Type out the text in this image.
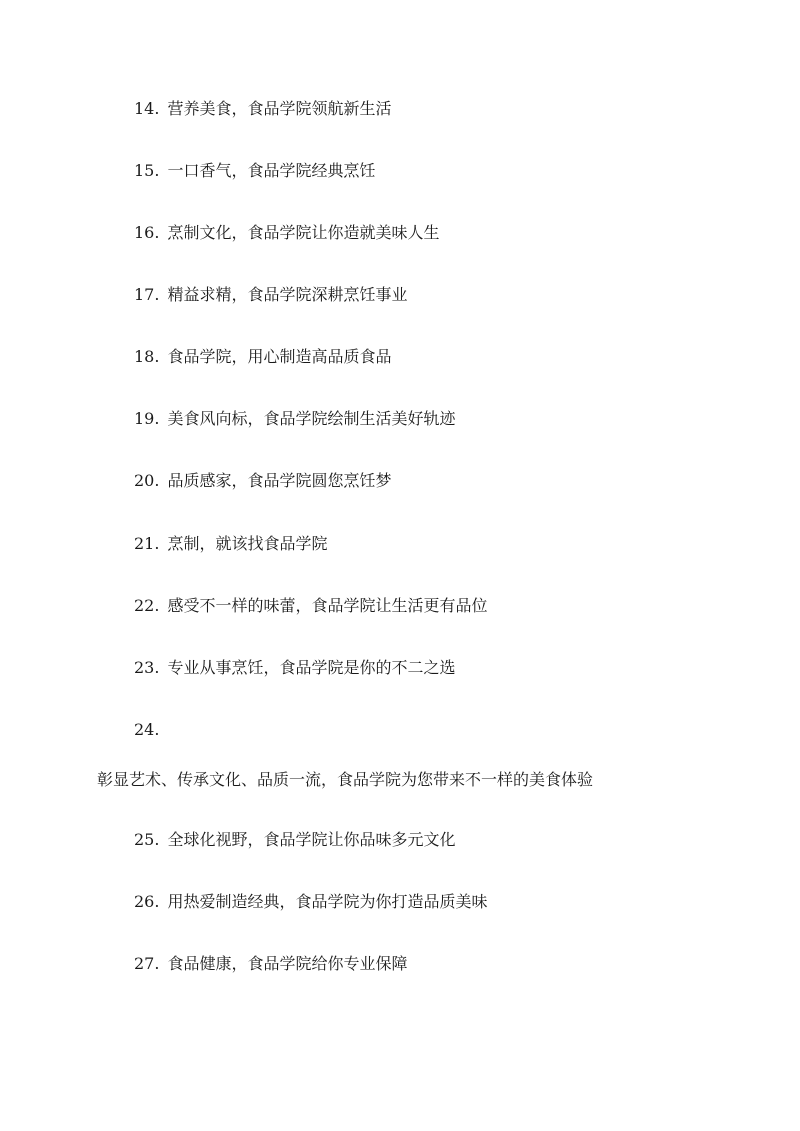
14. 营养美食，食品学院领航新生活
15. 一口香气，食品学院经典烹饪
16. 烹制文化，食品学院让你造就美味人生
17. 精益求精，食品学院深耕烹饪事业
18. 食品学院，用心制造高品质食品
19. 美食风向标，食品学院绘制生活美好轨迹
20. 品质感家，食品学院圆您烹饪梦
21. 烹制，就该找食品学院
22. 感受不一样的味蕾，食品学院让生活更有品位
23. 专业从事烹饪，食品学院是你的不二之选
24.
彰显艺术、传承文化、品质一流，食品学院为您带来不一样的美食体验
25. 全球化视野，食品学院让你品味多元文化
26. 用热爱制造经典，食品学院为你打造品质美味
27. 食品健康，食品学院给你专业保障
